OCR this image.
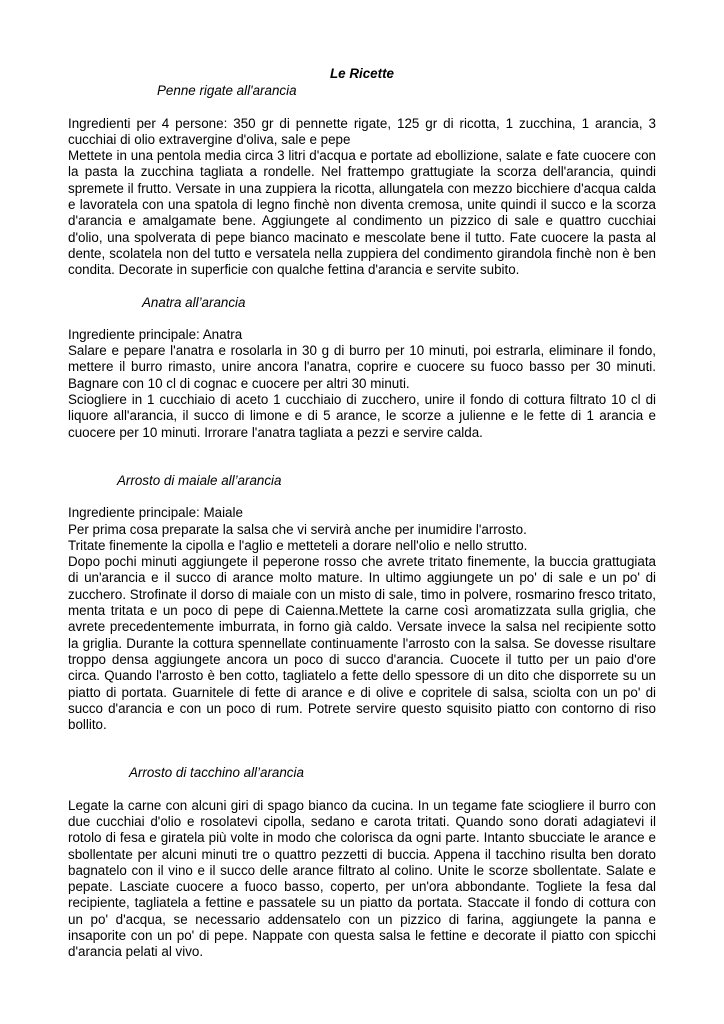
Le Ricette

Penne rigate all'arancia

Ingredienti per 4 persone: 350 gr di pennette rigate, 125 gr di ricotta, 1 zucchina, 1 arancia, 3 cucchiai di olio extravergine d'oliva, sale e pepe

Mettete in una pentola media circa 3 litri d'acqua e portate ad ebollizione, salate e fate cuocere con la pasta la zucchina tagliata a rondelle. Nel frattempo grattugiate la scorza dell'arancia, quindi spremete il frutto. Versate in una zuppiera la ricotta, allungatela con mezzo bicchiere d'acqua calda e lavoratela con una spatola di legno finchè non diventa cremosa, unite quindi il succo e la scorza d'arancia e amalgamate bene. Aggiungete al condimento un pizzico di sale e quattro cucchiai d'olio, una spolverata di pepe bianco macinato e mescolate bene il tutto. Fate cuocere la pasta al dente, scolatela non del tutto e versatela nella zuppiera del condimento girandola finchè non è ben condita. Decorate in superficie con qualche fettina d'arancia e servite subito.

Anatra all’arancia

Ingrediente principale: Anatra

Salare e pepare l'anatra e rosolarla in 30 g di burro per 10 minuti, poi estrarla, eliminare il fondo, mettere il burro rimasto, unire ancora l'anatra, coprire e cuocere su fuoco basso per 30 minuti. Bagnare con 10 cl di cognac e cuocere per altri 30 minuti.

Sciogliere in 1 cucchiaio di aceto 1 cucchiaio di zucchero, unire il fondo di cottura filtrato 10 cl di liquore all'arancia, il succo di limone e di 5 arance, le scorze a julienne e le fette di 1 arancia e cuocere per 10 minuti. Irrorare l'anatra tagliata a pezzi e servire calda.

Arrosto di maiale all’arancia

Ingrediente principale: Maiale

Per prima cosa preparate la salsa che vi servirà anche per inumidire l'arrosto.

Tritate finemente la cipolla e l'aglio e metteteli a dorare nell'olio e nello strutto.

Dopo pochi minuti aggiungete il peperone rosso che avrete tritato finemente, la buccia grattugiata di un'arancia e il succo di arance molto mature. In ultimo aggiungete un po' di sale e un po' di zucchero. Strofinate il dorso di maiale con un misto di sale, timo in polvere, rosmarino fresco tritato, menta tritata e un poco di pepe di Caienna.Mettete la carne così aromatizzata sulla griglia, che avrete precedentemente imburrata, in forno già caldo. Versate invece la salsa nel recipiente sotto la griglia. Durante la cottura spennellate continuamente l'arrosto con la salsa. Se dovesse risultare troppo densa aggiungete ancora un poco di succo d'arancia. Cuocete il tutto per un paio d'ore circa. Quando l'arrosto è ben cotto, tagliatelo a fette dello spessore di un dito che disporrete su un piatto di portata. Guarnitele di fette di arance e di olive e copritele di salsa, sciolta con un po' di succo d'arancia e con un poco di rum. Potrete servire questo squisito piatto con contorno di riso bollito.

Arrosto di tacchino all’arancia

Legate la carne con alcuni giri di spago bianco da cucina. In un tegame fate sciogliere il burro con due cucchiai d'olio e rosolatevi cipolla, sedano e carota tritati. Quando sono dorati adagiatevi il rotolo di fesa e giratela più volte in modo che colorisca da ogni parte. Intanto sbucciate le arance e sbollentate per alcuni minuti tre o quattro pezzetti di buccia. Appena il tacchino risulta ben dorato bagnatelo con il vino e il succo delle arance filtrato al colino. Unite le scorze sbollentate. Salate e pepate. Lasciate cuocere a fuoco basso, coperto, per un'ora abbondante. Togliete la fesa dal recipiente, tagliatela a fettine e passatele su un piatto da portata. Staccate il fondo di cottura con un po' d'acqua, se necessario addensatelo con un pizzico di farina, aggiungete la panna e insaporite con un po' di pepe. Nappate con questa salsa le fettine e decorate il piatto con spicchi d'arancia pelati al vivo.
